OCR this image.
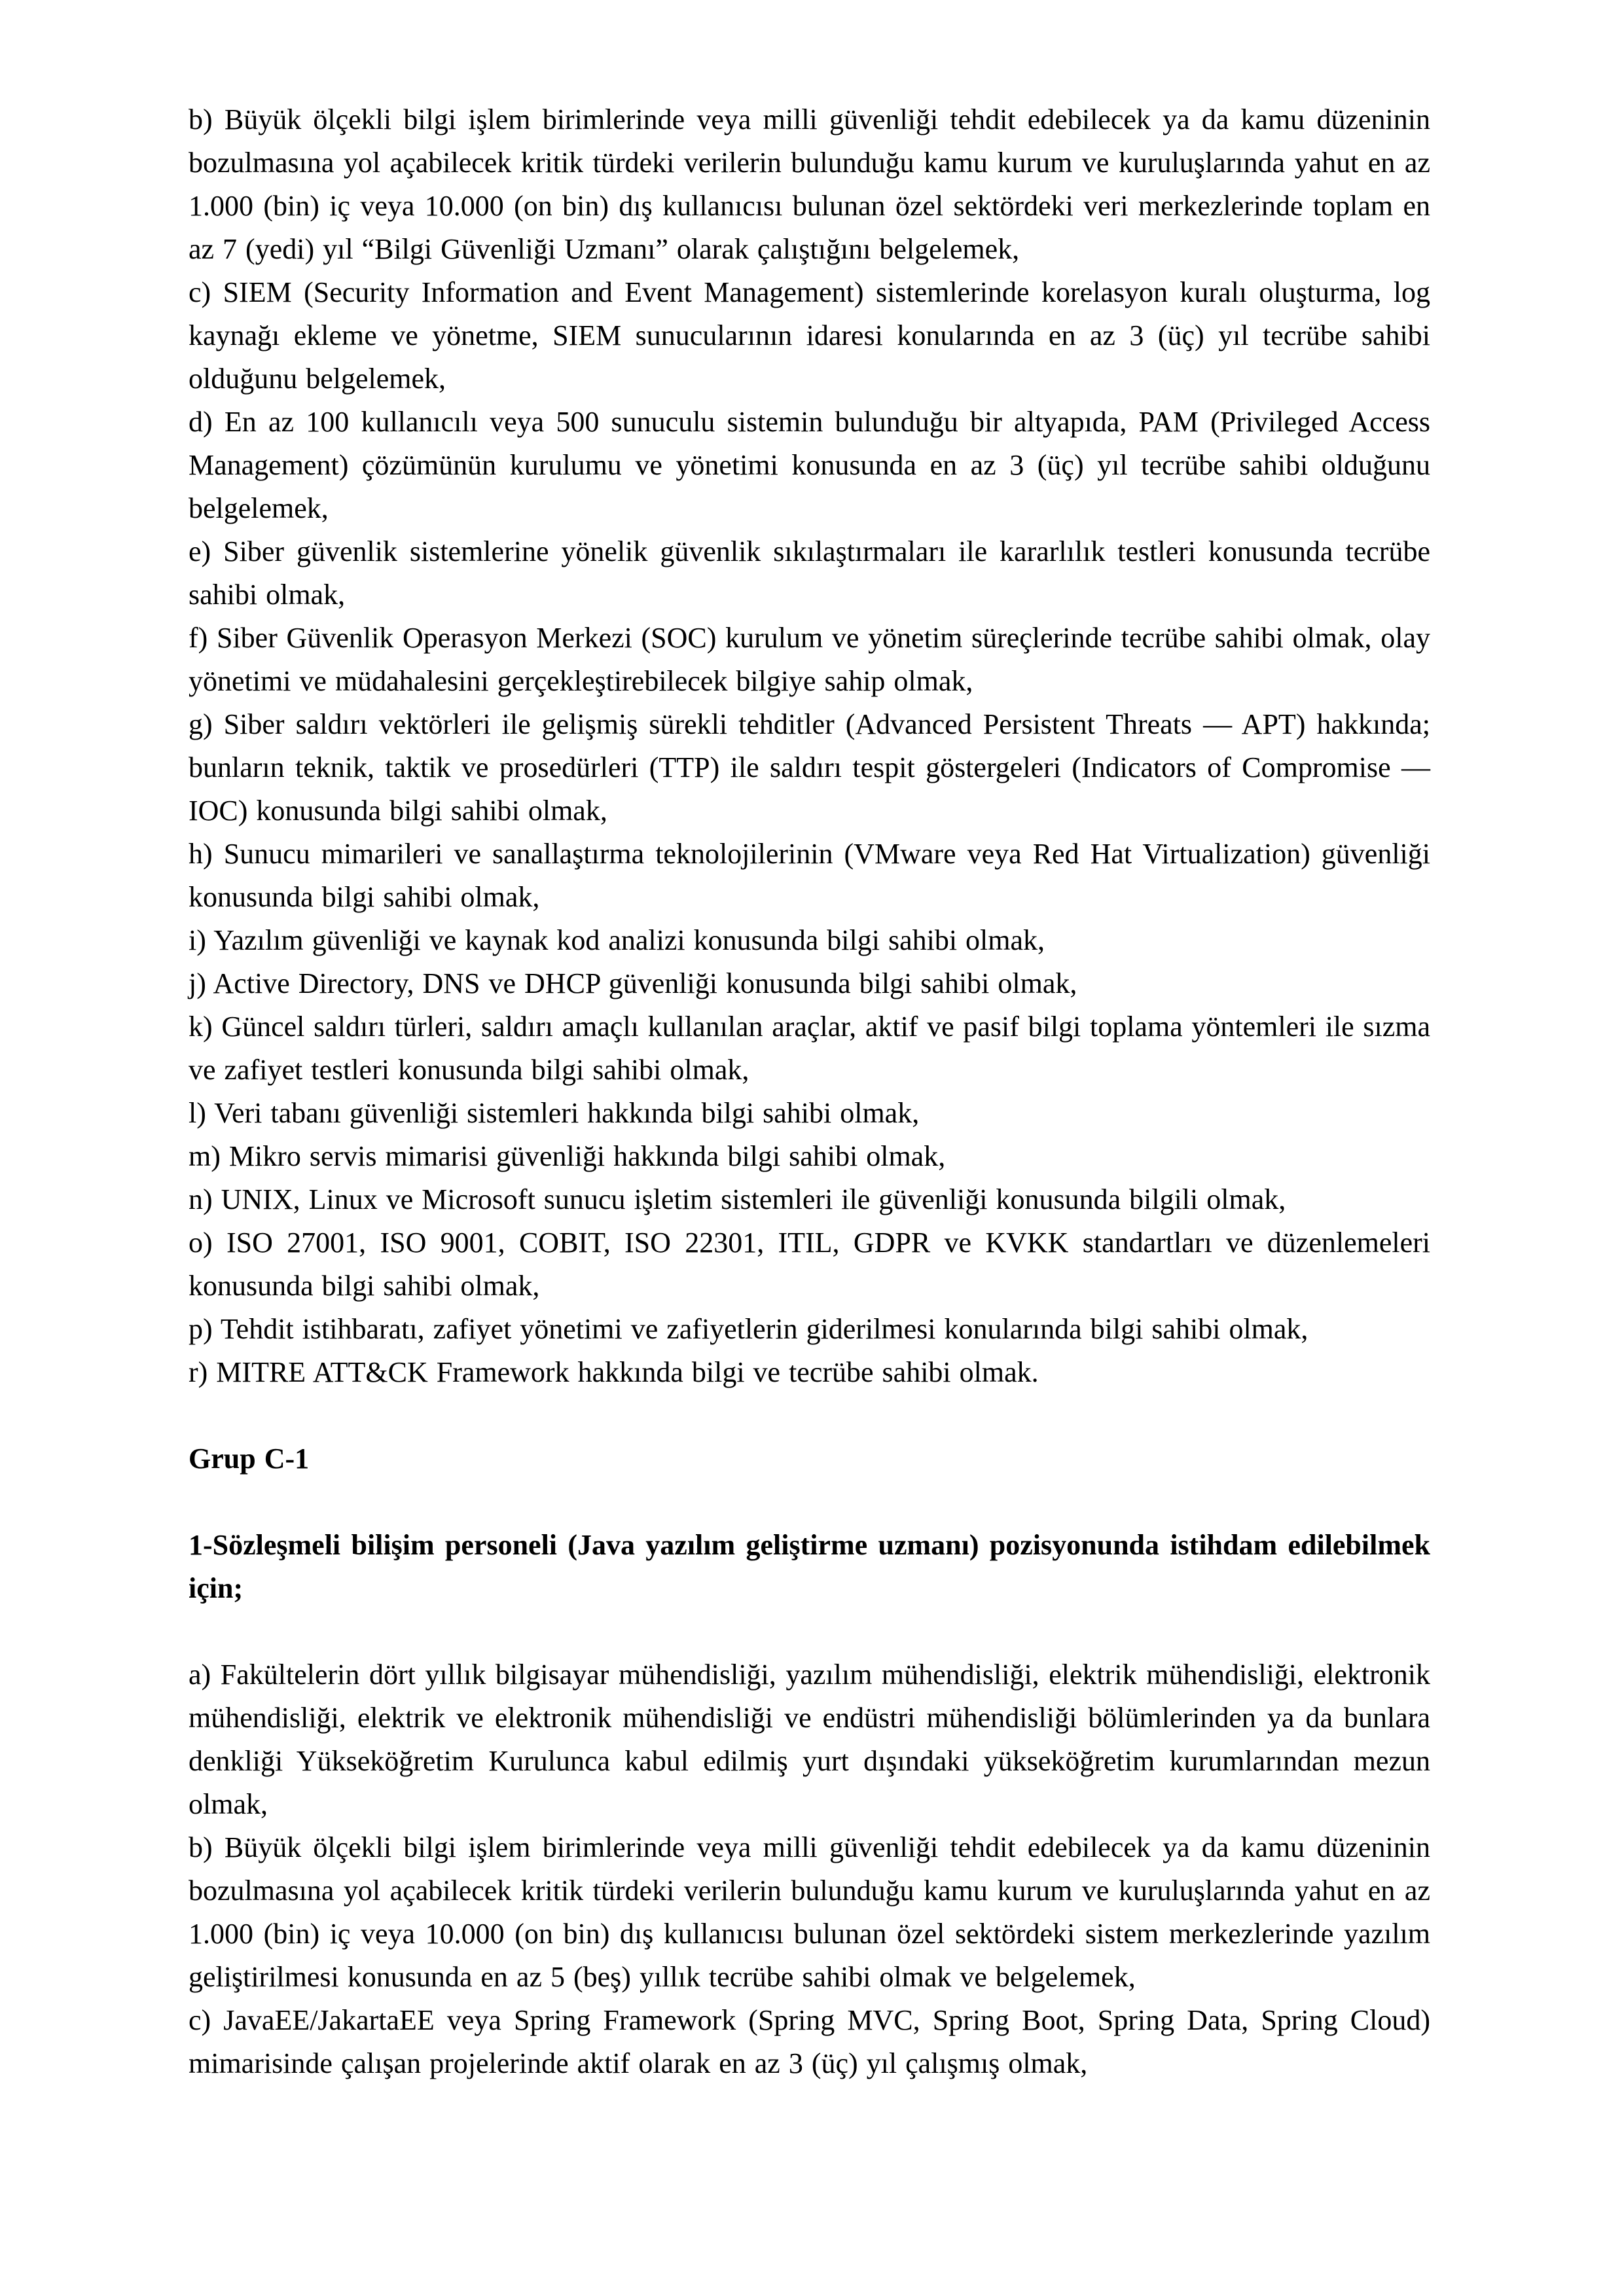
b) Büyük ölçekli bilgi işlem birimlerinde veya milli güvenliği tehdit edebilecek ya da kamu düzeninin bozulmasına yol açabilecek kritik türdeki verilerin bulunduğu kamu kurum ve kuruluşlarında yahut en az 1.000 (bin) iç veya 10.000 (on bin) dış kullanıcısı bulunan özel sektördeki veri merkezlerinde toplam en az 7 (yedi) yıl “Bilgi Güvenliği Uzmanı” olarak çalıştığını belgelemek,

c) SIEM (Security Information and Event Management) sistemlerinde korelasyon kuralı oluşturma, log kaynağı ekleme ve yönetme, SIEM sunucularının idaresi konularında en az 3 (üç) yıl tecrübe sahibi olduğunu belgelemek,

d) En az 100 kullanıcılı veya 500 sunuculu sistemin bulunduğu bir altyapıda, PAM (Privileged Access Management) çözümünün kurulumu ve yönetimi konusunda en az 3 (üç) yıl tecrübe sahibi olduğunu belgelemek,

e) Siber güvenlik sistemlerine yönelik güvenlik sıkılaştırmaları ile kararlılık testleri konusunda tecrübe sahibi olmak,

f) Siber Güvenlik Operasyon Merkezi (SOC) kurulum ve yönetim süreçlerinde tecrübe sahibi olmak, olay yönetimi ve müdahalesini gerçekleştirebilecek bilgiye sahip olmak,

g) Siber saldırı vektörleri ile gelişmiş sürekli tehditler (Advanced Persistent Threats — APT) hakkında; bunların teknik, taktik ve prosedürleri (TTP) ile saldırı tespit göstergeleri (Indicators of Compromise — IOC) konusunda bilgi sahibi olmak,

h) Sunucu mimarileri ve sanallaştırma teknolojilerinin (VMware veya Red Hat Virtualization) güvenliği konusunda bilgi sahibi olmak,

i) Yazılım güvenliği ve kaynak kod analizi konusunda bilgi sahibi olmak,

j) Active Directory, DNS ve DHCP güvenliği konusunda bilgi sahibi olmak,

k) Güncel saldırı türleri, saldırı amaçlı kullanılan araçlar, aktif ve pasif bilgi toplama yöntemleri ile sızma ve zafiyet testleri konusunda bilgi sahibi olmak,

l) Veri tabanı güvenliği sistemleri hakkında bilgi sahibi olmak,

m) Mikro servis mimarisi güvenliği hakkında bilgi sahibi olmak,

n) UNIX, Linux ve Microsoft sunucu işletim sistemleri ile güvenliği konusunda bilgili olmak,

o) ISO 27001, ISO 9001, COBIT, ISO 22301, ITIL, GDPR ve KVKK standartları ve düzenlemeleri konusunda bilgi sahibi olmak,

p) Tehdit istihbaratı, zafiyet yönetimi ve zafiyetlerin giderilmesi konularında bilgi sahibi olmak,

r) MITRE ATT&CK Framework hakkında bilgi ve tecrübe sahibi olmak.

Grup C-1

1-Sözleşmeli bilişim personeli (Java yazılım geliştirme uzmanı) pozisyonunda istihdam edilebilmek için;

a) Fakültelerin dört yıllık bilgisayar mühendisliği, yazılım mühendisliği, elektrik mühendisliği, elektronik mühendisliği, elektrik ve elektronik mühendisliği ve endüstri mühendisliği bölümlerinden ya da bunlara denkliği Yükseköğretim Kurulunca kabul edilmiş yurt dışındaki yükseköğretim kurumlarından mezun olmak,

b) Büyük ölçekli bilgi işlem birimlerinde veya milli güvenliği tehdit edebilecek ya da kamu düzeninin bozulmasına yol açabilecek kritik türdeki verilerin bulunduğu kamu kurum ve kuruluşlarında yahut en az 1.000 (bin) iç veya 10.000 (on bin) dış kullanıcısı bulunan özel sektördeki sistem merkezlerinde yazılım geliştirilmesi konusunda en az 5 (beş) yıllık tecrübe sahibi olmak ve belgelemek,

c) JavaEE/JakartaEE veya Spring Framework (Spring MVC, Spring Boot, Spring Data, Spring Cloud) mimarisinde çalışan projelerinde aktif olarak en az 3 (üç) yıl çalışmış olmak,
